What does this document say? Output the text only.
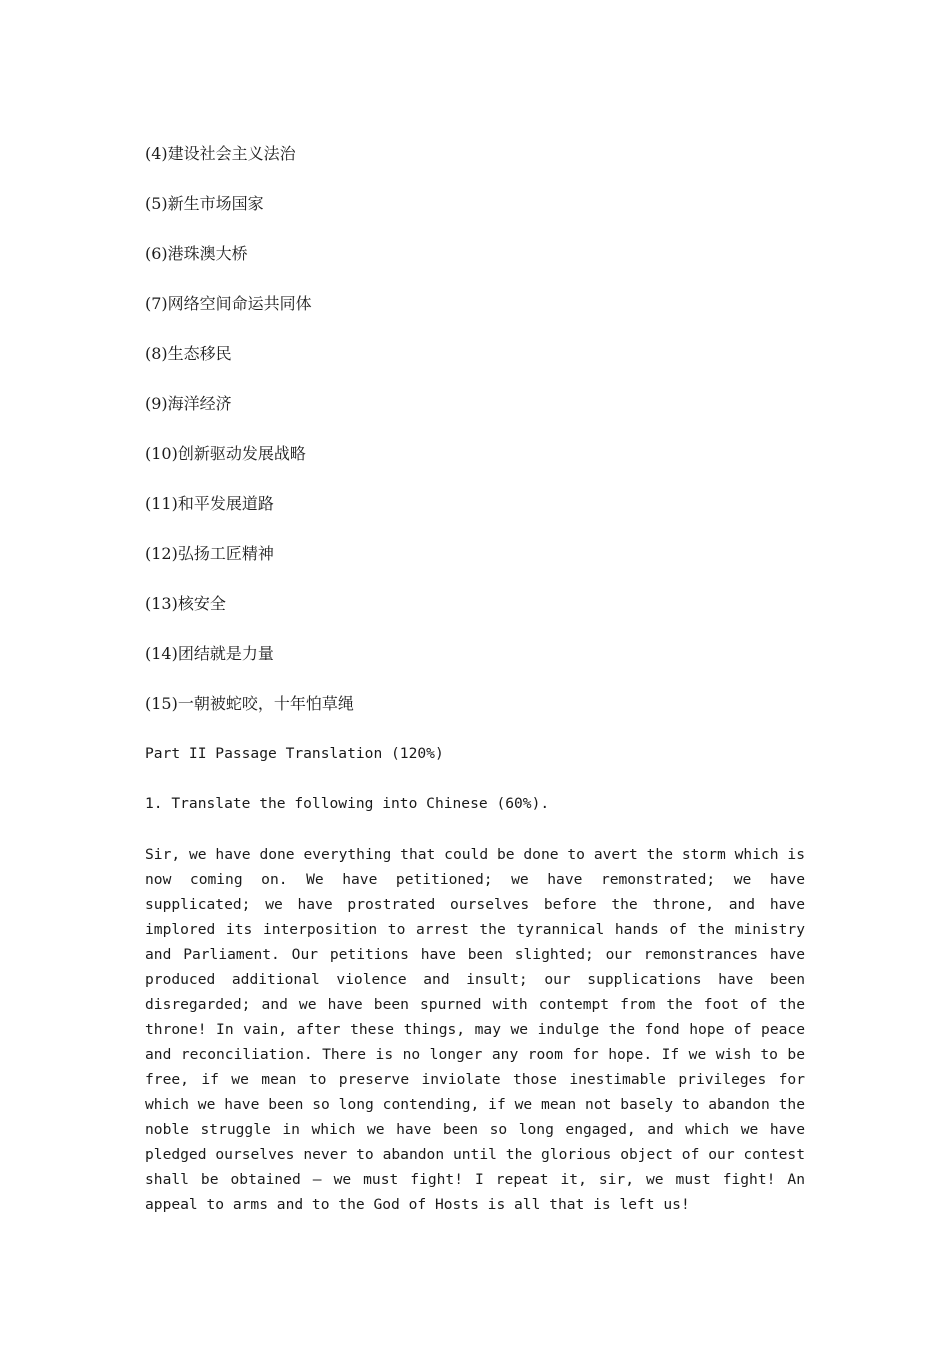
(4)建设社会主义法治
(5)新生市场国家
(6)港珠澳大桥
(7)网络空间命运共同体
(8)生态移民
(9)海洋经济
(10)创新驱动发展战略
(11)和平发展道路
(12)弘扬工匠精神
(13)核安全
(14)团结就是力量
(15)一朝被蛇咬，十年怕草绳
Part II Passage Translation (120%)
1. Translate the following into Chinese (60%).

Sir, we have done everything that could be done to avert the storm which is now coming on. We have petitioned; we have remonstrated; we have supplicated; we have prostrated ourselves before the throne, and have implored its interposition to arrest the tyrannical hands of the ministry and Parliament. Our petitions have been slighted; our remonstrances have produced additional violence and insult; our supplications have been disregarded; and we have been spurned with contempt from the foot of the throne! In vain, after these things, may we indulge the fond hope of peace and reconciliation. There is no longer any room for hope. If we wish to be free, if we mean to preserve inviolate those inestimable privileges for which we have been so long contending, if we mean not basely to abandon the noble struggle in which we have been so long engaged, and which we have pledged ourselves never to abandon until the glorious object of our contest shall be obtained — we must fight! I repeat it, sir, we must fight! An appeal to arms and to the God of Hosts is all that is left us!
